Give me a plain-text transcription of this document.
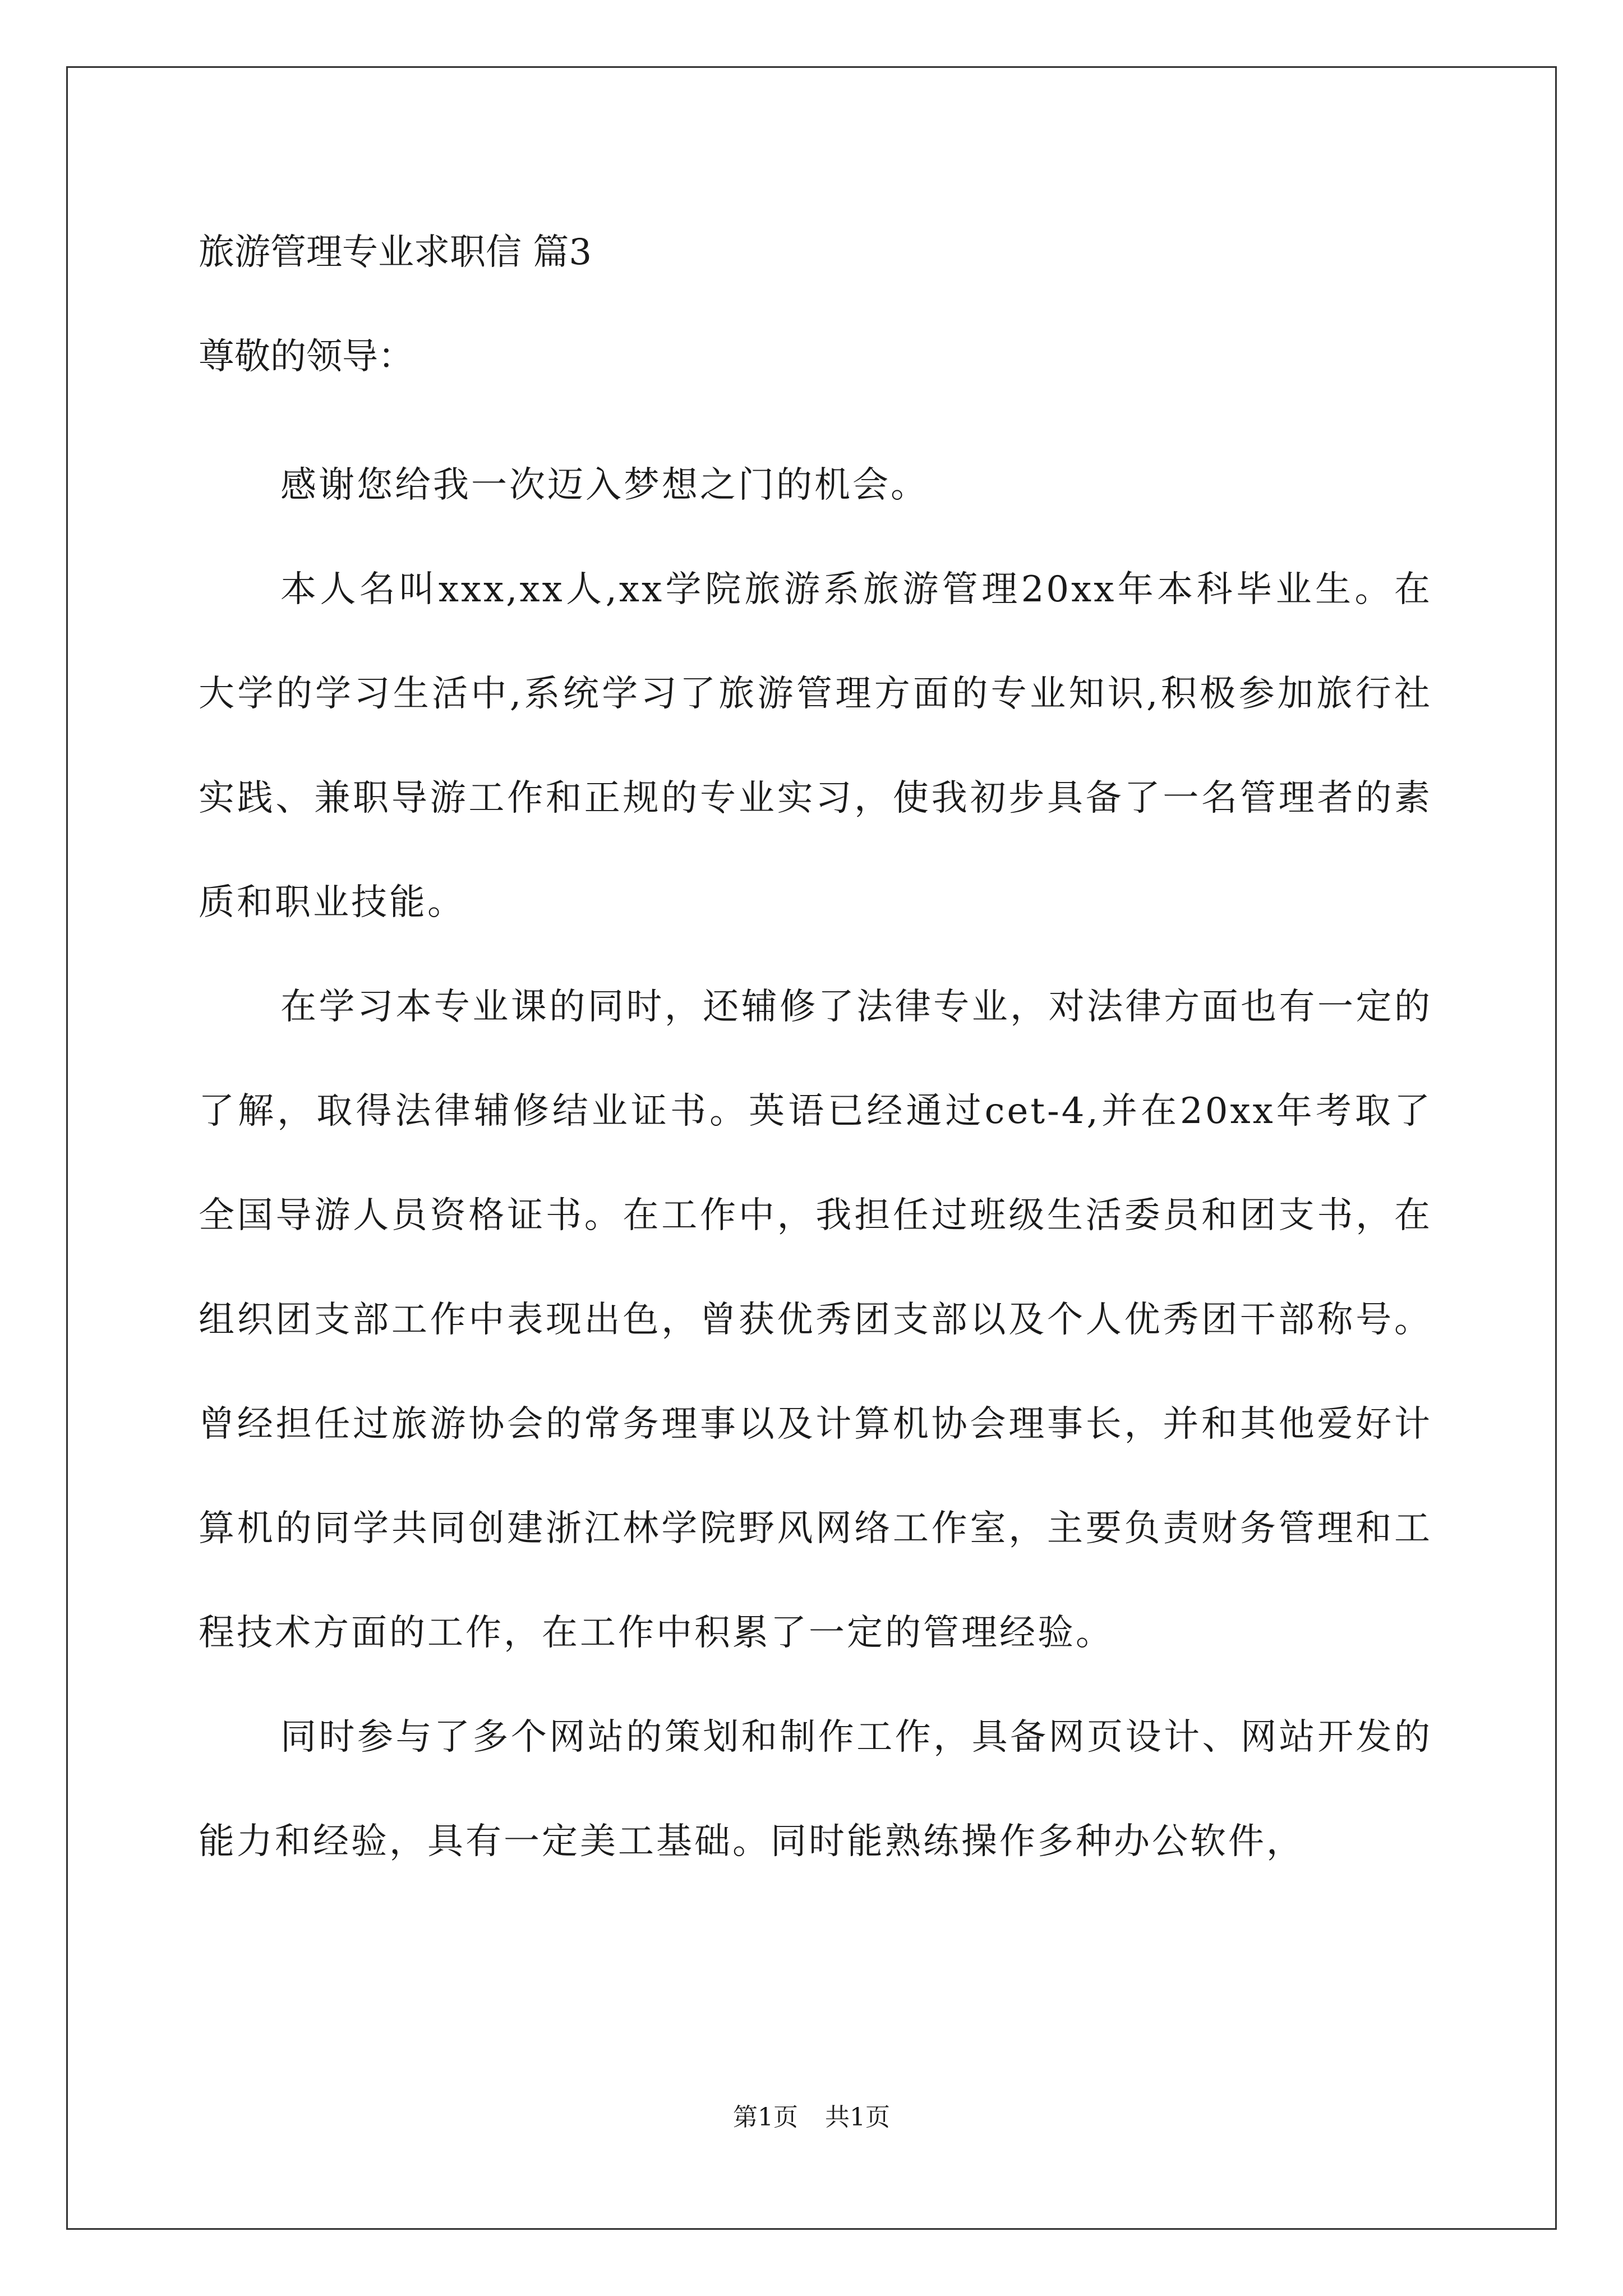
旅游管理专业求职信 篇3
尊敬的领导：

感谢您给我一次迈入梦想之门的机会。

本人名叫xxx,xx人,xx学院旅游系旅游管理20xx年本科毕业生。在大学的学习生活中,系统学习了旅游管理方面的专业知识,积极参加旅行社实践、兼职导游工作和正规的专业实习，使我初步具备了一名管理者的素质和职业技能。

在学习本专业课的同时，还辅修了法律专业，对法律方面也有一定的了解，取得法律辅修结业证书。英语已经通过cet-4,并在20xx年考取了全国导游人员资格证书。在工作中，我担任过班级生活委员和团支书，在组织团支部工作中表现出色，曾获优秀团支部以及个人优秀团干部称号。曾经担任过旅游协会的常务理事以及计算机协会理事长，并和其他爱好计算机的同学共同创建浙江林学院野风网络工作室，主要负责财务管理和工程技术方面的工作，在工作中积累了一定的管理经验。

同时参与了多个网站的策划和制作工作，具备网页设计、网站开发的能力和经验，具有一定美工基础。同时能熟练操作多种办公软件，

第1页 共1页
